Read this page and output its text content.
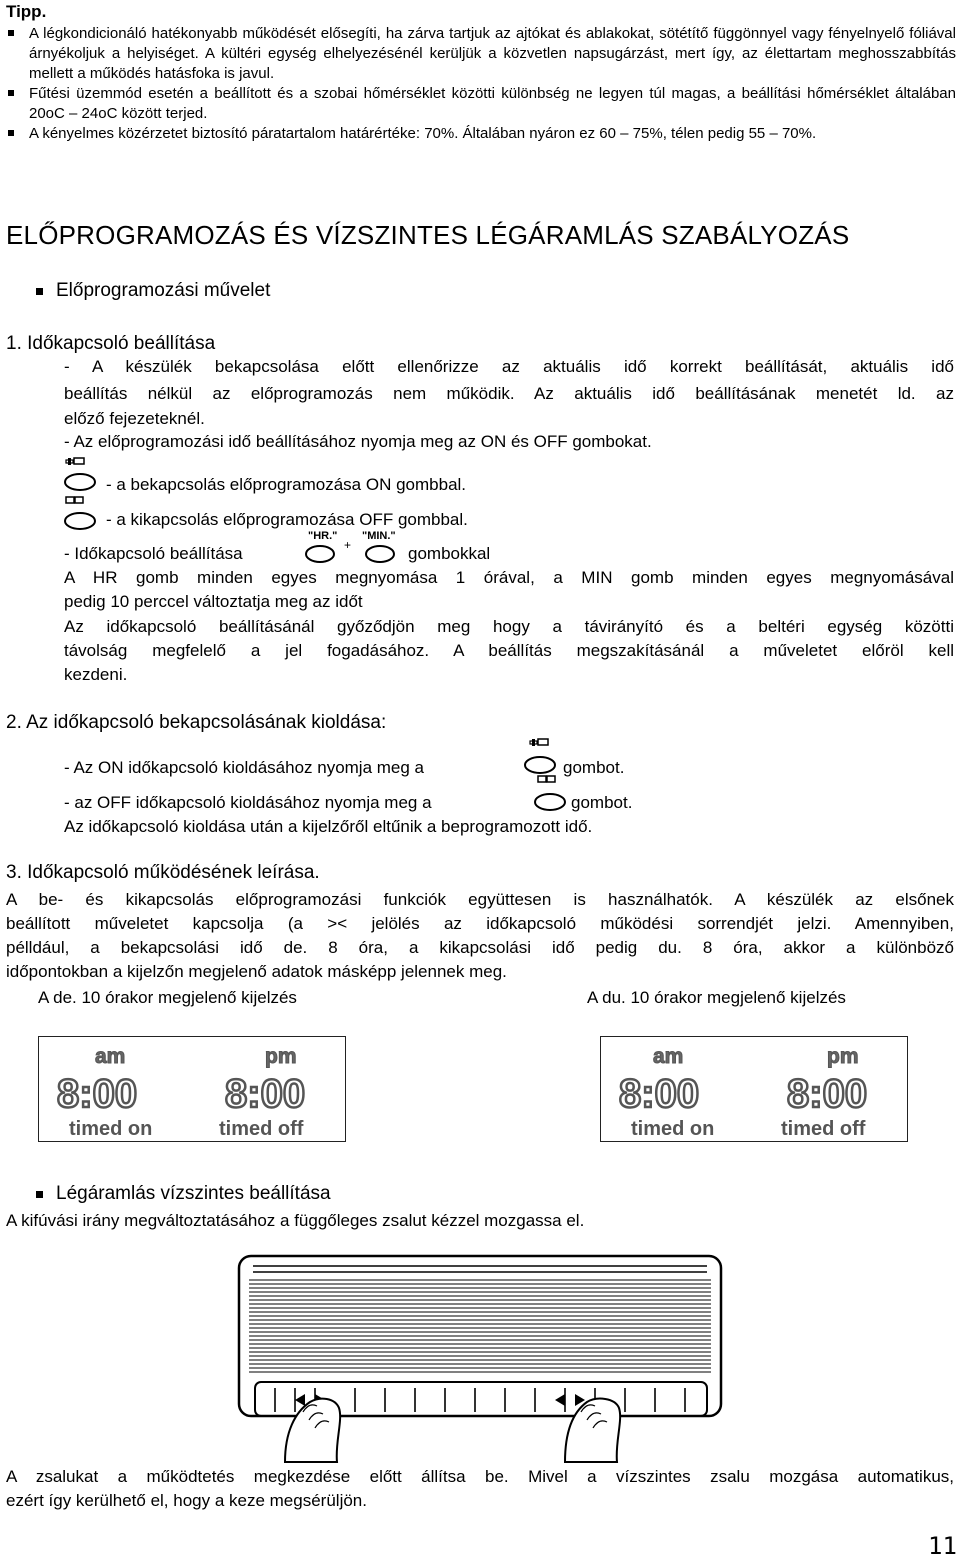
Tipp.

A légkondicionáló hatékonyabb működését elősegíti, ha zárva tartjuk az ajtókat és ablakokat, sötétítő függönnyel vagy fényelnyelő fóliával árnyékoljuk a helyiséget. A kültéri egység elhelyezésénél kerüljük a közvetlen napsugárzást, mert így, az élettartam meghosszabbítás mellett a működés hatásfoka is javul.

Fűtési üzemmód esetén a beállított és a szobai hőmérséklet közötti különbség ne legyen túl magas, a beállítási hőmérséklet általában 20oC – 24oC között terjed.

A kényelmes közérzetet biztosító páratartalom határértéke: 70%. Általában nyáron ez 60 – 75%, télen pedig 55 – 70%.

ELŐPROGRAMOZÁS ÉS VÍZSZINTES LÉGÁRAMLÁS SZABÁLYOZÁS
Előprogramozási művelet
1. Időkapcsoló beállítása
- A készülék bekapcsolása előtt ellenőrizze az aktuális idő korrekt beállítását, aktuális idő
beállítás nélkül az előprogramozás nem működik. Az aktuális idő beállításának menetét ld. az
előző fejezeteknél.
- Az előprogramozási idő beállításához nyomja meg az ON és OFF gombokat.
- a bekapcsolás előprogramozása ON gombbal.
- a kikapcsolás előprogramozása OFF gombbal.
- Időkapcsoló beállítása
"HR."
+
"MIN."
gombokkal
A HR gomb minden egyes megnyomása 1 órával, a MIN gomb minden egyes megnyomásával
pedig 10 perccel változtatja meg az időt
Az időkapcsoló beállításánál győződjön meg hogy a távirányító és a beltéri egység közötti
távolság megfelelő a jel fogadásához. A beállítás megszakításánál a műveletet előröl kell
kezdeni.
2. Az időkapcsoló bekapcsolásának kioldása:
- Az ON időkapcsoló kioldásához nyomja meg a	gombot.
- az OFF időkapcsoló kioldásához nyomja meg a	gombot.
Az időkapcsoló kioldása után a kijelzőről eltűnik a beprogramozott idő.
3. Időkapcsoló működésének leírása.
A be- és kikapcsolás előprogramozási funkciók együttesen is használhatók. A készülék az elsőnek
beállított műveletet kapcsolja (a >< jelölés az időkapcsoló működési sorrendjét jelzi. Amennyiben,
pélldául, a bekapcsolási idő de. 8 óra, a kikapcsolási idő pedig du. 8 óra, akkor a különböző
időpontokban a kijelzőn megjelenő adatok másképp jelennek meg.
A de. 10 órakor megjelenő kijelzés	A du. 10 órakor megjelenő kijelzés
am	pm
8:00 8:00
timed on	timed off
am	pm
8:00 8:00
timed on	timed off
Légáramlás vízszintes beállítása
A kifúvási irány megváltoztatásához a függőleges zsalut kézzel mozgassa el.
A zsalukat a működtetés megkezdése előtt állítsa be. Mivel a vízszintes zsalu mozgása automatikus,
ezért így kerülhető el, hogy a keze megsérüljön.
11
